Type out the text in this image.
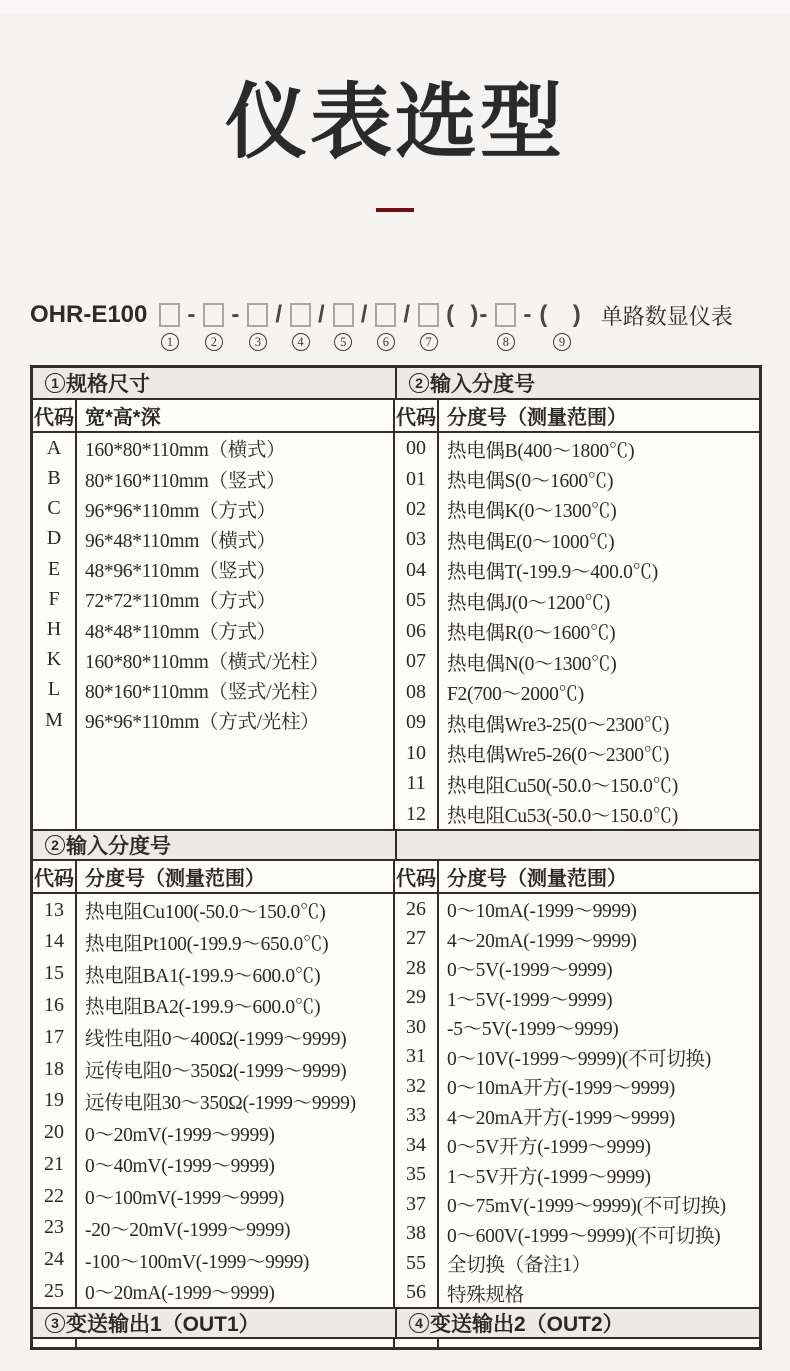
仪表选型
OHR-E100
1
-
2
-
3
/
4
/
5
/
6
/
7
(  )-
8
- (  )
9
单路数显仪表
1 规格尺寸	2 输入分度号
代码 宽*高*深
A	160*80*110mm（横式）
B	80*160*110mm（竖式）
C	96*96*110mm（方式）
D	96*48*110mm（横式）
E	48*96*110mm（竖式）
F	72*72*110mm（方式）
H	48*48*110mm（方式）
K	160*80*110mm（横式/光柱）
L	80*160*110mm（竖式/光柱）
M	96*96*110mm（方式/光柱）
代码 分度号（测量范围）
00	热电偶B(400～1800℃)
01	热电偶S(0～1600℃)
02	热电偶K(0～1300℃)
03	热电偶E(0～1000℃)
04	热电偶T(-199.9～400.0℃)
05	热电偶J(0～1200℃)
06	热电偶R(0～1600℃)
07	热电偶N(0～1300℃)
08	F2(700～2000℃)
09	热电偶Wre3-25(0～2300℃)
10	热电偶Wre5-26(0～2300℃)
11	热电阻Cu50(-50.0～150.0℃)
12	热电阻Cu53(-50.0～150.0℃)
2 输入分度号
代码 分度号（测量范围）
13	热电阻Cu100(-50.0～150.0℃)
14	热电阻Pt100(-199.9～650.0℃)
15	热电阻BA1(-199.9～600.0℃)
16	热电阻BA2(-199.9～600.0℃)
17	线性电阻0～400Ω(-1999～9999)
18	远传电阻0～350Ω(-1999～9999)
19	远传电阻30～350Ω(-1999～9999)
20	0～20mV(-1999～9999)
21	0～40mV(-1999～9999)
22	0～100mV(-1999～9999)
23	-20～20mV(-1999～9999)
24	-100～100mV(-1999～9999)
25	0～20mA(-1999～9999)
代码 分度号（测量范围）
26	0～10mA(-1999～9999)
27	4～20mA(-1999～9999)
28	0～5V(-1999～9999)
29	1～5V(-1999～9999)
30	-5～5V(-1999～9999)
31	0～10V(-1999～9999)(不可切换)
32	0～10mA开方(-1999～9999)
33	4～20mA开方(-1999～9999)
34	0～5V开方(-1999～9999)
35	1～5V开方(-1999～9999)
37	0～75mV(-1999～9999)(不可切换)
38	0～600V(-1999～9999)(不可切换)
55	全切换（备注1）
56	特殊规格
3 变送输出1（OUT1）	4 变送输出2（OUT2）
